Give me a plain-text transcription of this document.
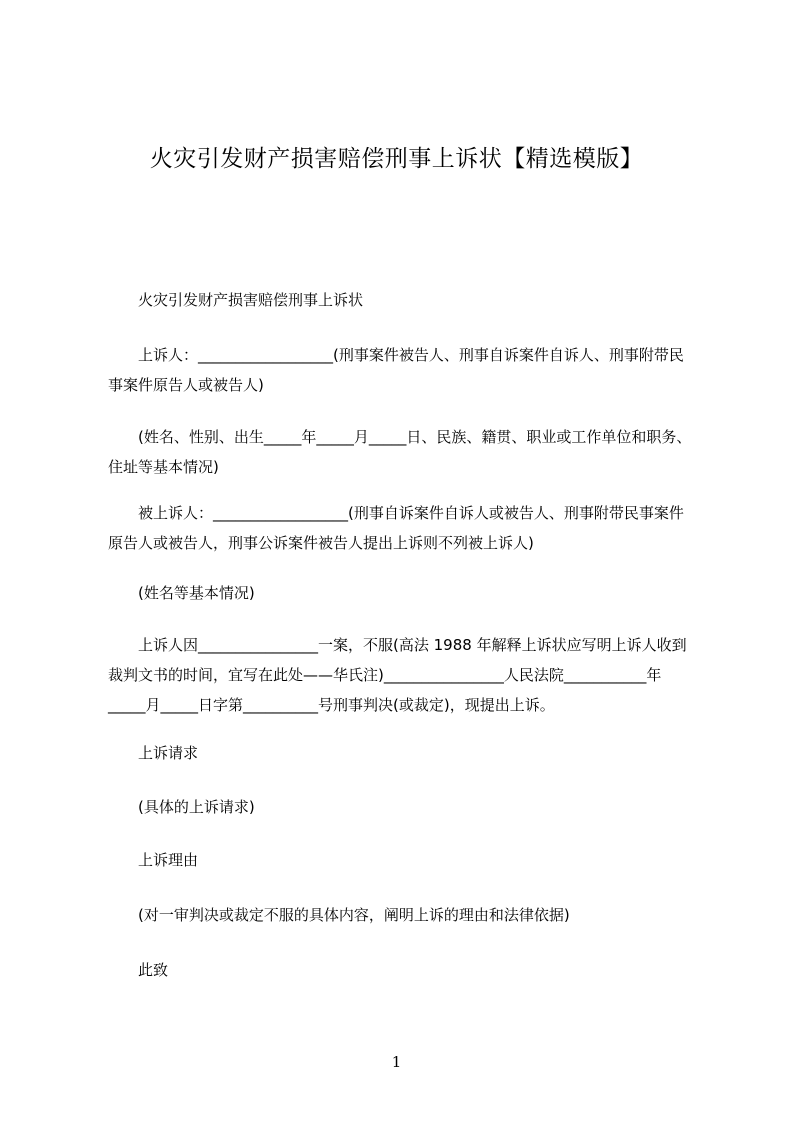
火灾引发财产损害赔偿刑事上诉状【精选模版】
火灾引发财产损害赔偿刑事上诉状
上诉人：__________________(刑事案件被告人、刑事自诉案件自诉人、刑事附带民事案件原告人或被告人)
(姓名、性别、出生_____年_____月_____日、民族、籍贯、职业或工作单位和职务、住址等基本情况)
被上诉人：__________________(刑事自诉案件自诉人或被告人、刑事附带民事案件原告人或被告人，刑事公诉案件被告人提出上诉则不列被上诉人)
(姓名等基本情况)
上诉人因________________一案，不服(高法 1988 年解释上诉状应写明上诉人收到裁判文书的时间，宜写在此处——华氏注)________________人民法院___________年_____月_____日字第__________号刑事判决(或裁定)，现提出上诉。
上诉请求
(具体的上诉请求)
上诉理由
(对一审判决或裁定不服的具体内容，阐明上诉的理由和法律依据)
此致
1
